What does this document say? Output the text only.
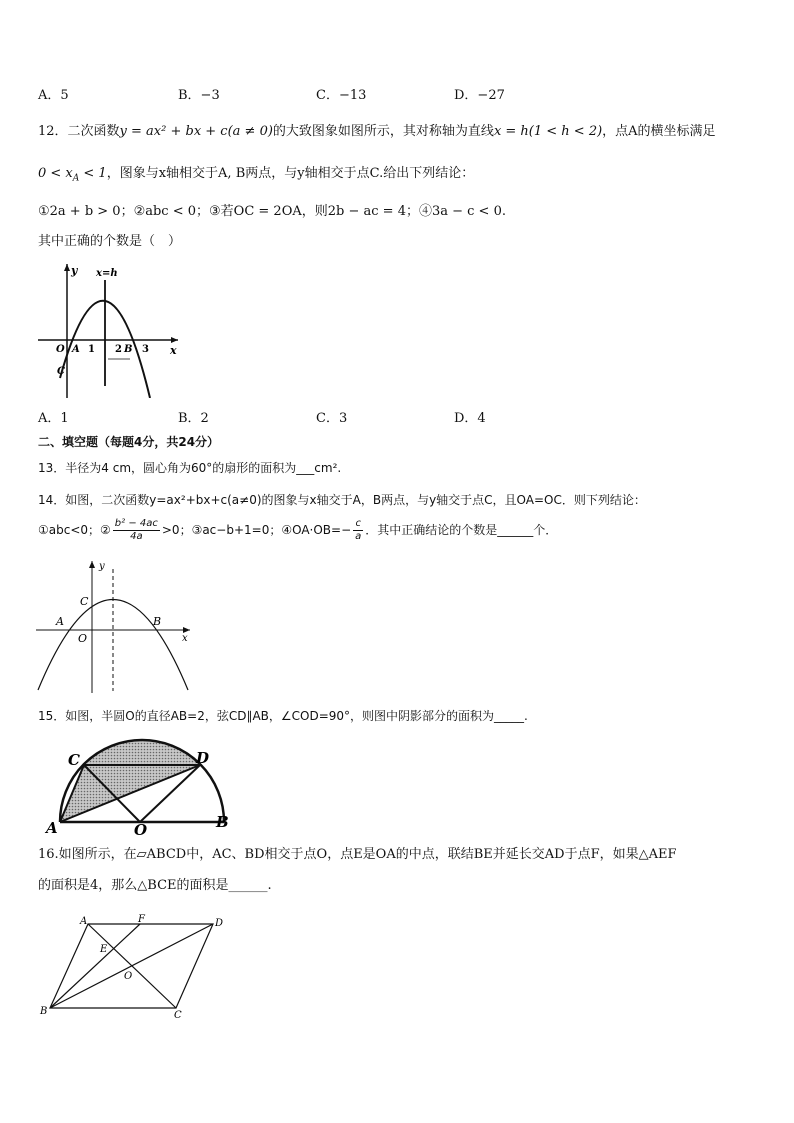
A．5	B．−3	C．−13	D．−27
12．二次函数y = ax² + bx + c(a ≠ 0)的大致图象如图所示，其对称轴为直线x = h(1 < h < 2)，点A的横坐标满足
$0 < x_A < 1$，图象与x轴相交于A, B两点，与y轴相交于点C.给出下列结论：
①2a + b > 0；②abc < 0；③若OC = 2OA，则2b − ac = 4；④3a − c < 0.
其中正确的个数是（　）
y
x
x=h
O A 1 2 B 3
C
A．1	B．2	C．3	D．4
二、填空题（每题4分，共24分）
13．半径为4 cm，圆心角为60°的扇形的面积为___cm².
14．如图，二次函数y=ax²+bx+c(a≠0)的图象与x轴交于A，B两点，与y轴交于点C，且OA=OC．则下列结论：
①abc<0；② $\frac{\text{b² − 4ac}}{4a} >0$；③ac−b+1=0；④OA·OB=− $\frac{c}{a}$ ．其中正确结论的个数是______个．
y
x
C
A
O
B
15．如图，半圆O的直径AB=2，弦CD∥AB，∠COD=90°，则图中阴影部分的面积为_____.
C	D
A	O	B
16.如图所示，在▱ABCD中，AC、BD相交于点O，点E是OA的中点，联结BE并延长交AD于点F，如果△AEF
的面积是4，那么△BCE的面积是______.
A	F	D
E
O
B	C
